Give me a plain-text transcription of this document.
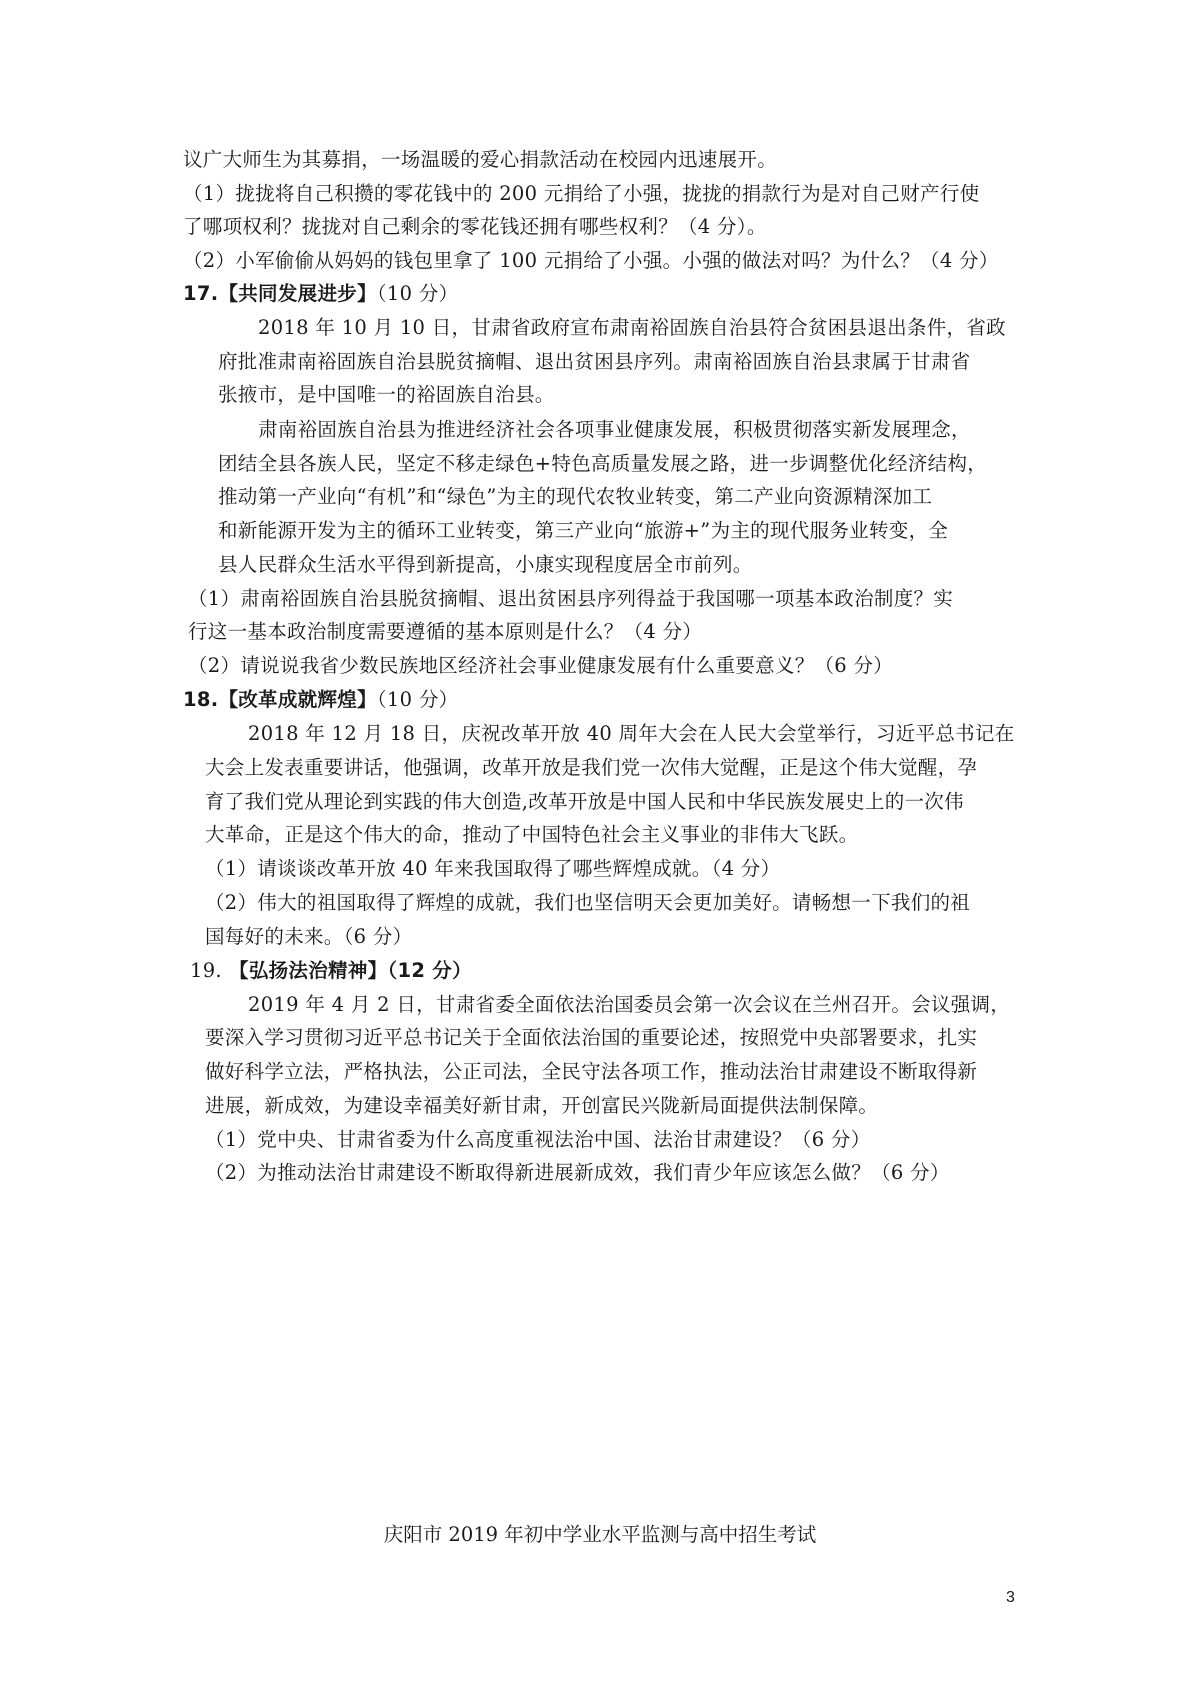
议广大师生为其募捐，一场温暖的爱心捐款活动在校园内迅速展开。
（1）拢拢将自己积攒的零花钱中的 200 元捐给了小强，拢拢的捐款行为是对自己财产行使
了哪项权利？拢拢对自己剩余的零花钱还拥有哪些权利？（4 分）。
（2）小军偷偷从妈妈的钱包里拿了 100 元捐给了小强。小强的做法对吗？为什么？（4 分）
17.【共同发展进步】（10 分）
2018 年 10 月 10 日，甘肃省政府宣布肃南裕固族自治县符合贫困县退出条件，省政
府批准肃南裕固族自治县脱贫摘帽、退出贫困县序列。肃南裕固族自治县隶属于甘肃省
张掖市，是中国唯一的裕固族自治县。
肃南裕固族自治县为推进经济社会各项事业健康发展，积极贯彻落实新发展理念，
团结全县各族人民，坚定不移走绿色+特色高质量发展之路，进一步调整优化经济结构，
推动第一产业向“有机”和“绿色”为主的现代农牧业转变，第二产业向资源精深加工
和新能源开发为主的循环工业转变，第三产业向“旅游+”为主的现代服务业转变，全
县人民群众生活水平得到新提高，小康实现程度居全市前列。
（1）肃南裕固族自治县脱贫摘帽、退出贫困县序列得益于我国哪一项基本政治制度？实
行这一基本政治制度需要遵循的基本原则是什么？（4 分）
（2）请说说我省少数民族地区经济社会事业健康发展有什么重要意义？（6 分）
18.【改革成就辉煌】（10 分）
2018 年 12 月 18 日，庆祝改革开放 40 周年大会在人民大会堂举行，习近平总书记在
大会上发表重要讲话，他强调，改革开放是我们党一次伟大觉醒，正是这个伟大觉醒，孕
育了我们党从理论到实践的伟大创造,改革开放是中国人民和中华民族发展史上的一次伟
大革命，正是这个伟大的命，推动了中国特色社会主义事业的非伟大飞跃。
（1）请谈谈改革开放 40 年来我国取得了哪些辉煌成就。（4 分）
（2）伟大的祖国取得了辉煌的成就，我们也坚信明天会更加美好。请畅想一下我们的祖
国每好的未来。（6 分）
19. 【弘扬法治精神】（12 分）
2019 年 4 月 2 日，甘肃省委全面依法治国委员会第一次会议在兰州召开。会议强调，
要深入学习贯彻习近平总书记关于全面依法治国的重要论述，按照党中央部署要求，扎实
做好科学立法，严格执法，公正司法，全民守法各项工作，推动法治甘肃建设不断取得新
进展，新成效，为建设幸福美好新甘肃，开创富民兴陇新局面提供法制保障。
（1）党中央、甘肃省委为什么高度重视法治中国、法治甘肃建设？（6 分）
（2）为推动法治甘肃建设不断取得新进展新成效，我们青少年应该怎么做？（6 分）
庆阳市 2019 年初中学业水平监测与高中招生考试
3
